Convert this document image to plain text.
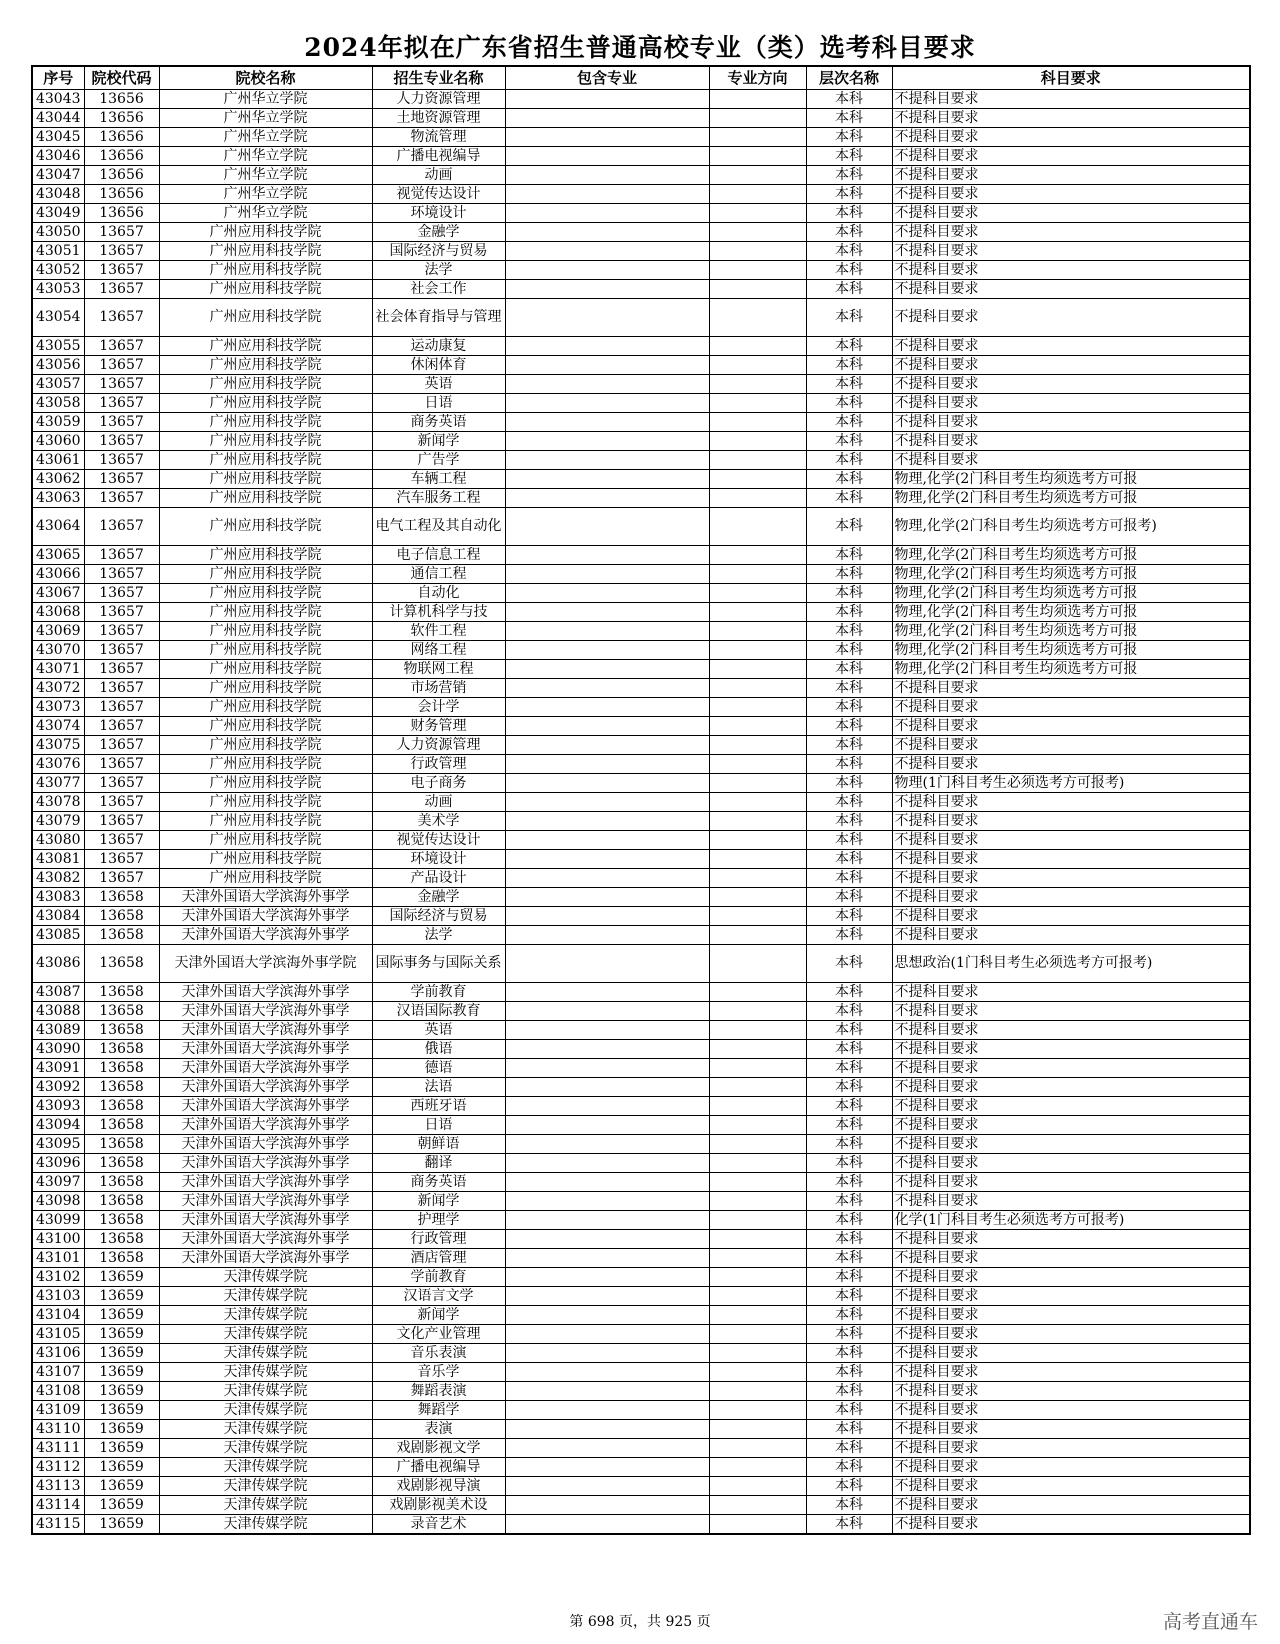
2024年拟在广东省招生普通高校专业（类）选考科目要求
序号	院校代码	院校名称	招生专业名称	包含专业	专业方向	层次名称	科目要求
43043	13656	广州华立学院	人力资源管理			本科	不提科目要求
43044	13656	广州华立学院	土地资源管理			本科	不提科目要求
43045	13656	广州华立学院	物流管理			本科	不提科目要求
43046	13656	广州华立学院	广播电视编导			本科	不提科目要求
43047	13656	广州华立学院	动画			本科	不提科目要求
43048	13656	广州华立学院	视觉传达设计			本科	不提科目要求
43049	13656	广州华立学院	环境设计			本科	不提科目要求
43050	13657	广州应用科技学院	金融学			本科	不提科目要求
43051	13657	广州应用科技学院	国际经济与贸易			本科	不提科目要求
43052	13657	广州应用科技学院	法学			本科	不提科目要求
43053	13657	广州应用科技学院	社会工作			本科	不提科目要求
43054	13657	广州应用科技学院	社会体育指导与管理			本科	不提科目要求
43055	13657	广州应用科技学院	运动康复			本科	不提科目要求
43056	13657	广州应用科技学院	休闲体育			本科	不提科目要求
43057	13657	广州应用科技学院	英语			本科	不提科目要求
43058	13657	广州应用科技学院	日语			本科	不提科目要求
43059	13657	广州应用科技学院	商务英语			本科	不提科目要求
43060	13657	广州应用科技学院	新闻学			本科	不提科目要求
43061	13657	广州应用科技学院	广告学			本科	不提科目要求
43062	13657	广州应用科技学院	车辆工程			本科	物理,化学(2门科目考生均须选考方可报
43063	13657	广州应用科技学院	汽车服务工程			本科	物理,化学(2门科目考生均须选考方可报
43064	13657	广州应用科技学院	电气工程及其自动化			本科	物理,化学(2门科目考生均须选考方可报考)
43065	13657	广州应用科技学院	电子信息工程			本科	物理,化学(2门科目考生均须选考方可报
43066	13657	广州应用科技学院	通信工程			本科	物理,化学(2门科目考生均须选考方可报
43067	13657	广州应用科技学院	自动化			本科	物理,化学(2门科目考生均须选考方可报
43068	13657	广州应用科技学院	计算机科学与技			本科	物理,化学(2门科目考生均须选考方可报
43069	13657	广州应用科技学院	软件工程			本科	物理,化学(2门科目考生均须选考方可报
43070	13657	广州应用科技学院	网络工程			本科	物理,化学(2门科目考生均须选考方可报
43071	13657	广州应用科技学院	物联网工程			本科	物理,化学(2门科目考生均须选考方可报
43072	13657	广州应用科技学院	市场营销			本科	不提科目要求
43073	13657	广州应用科技学院	会计学			本科	不提科目要求
43074	13657	广州应用科技学院	财务管理			本科	不提科目要求
43075	13657	广州应用科技学院	人力资源管理			本科	不提科目要求
43076	13657	广州应用科技学院	行政管理			本科	不提科目要求
43077	13657	广州应用科技学院	电子商务			本科	物理(1门科目考生必须选考方可报考)
43078	13657	广州应用科技学院	动画			本科	不提科目要求
43079	13657	广州应用科技学院	美术学			本科	不提科目要求
43080	13657	广州应用科技学院	视觉传达设计			本科	不提科目要求
43081	13657	广州应用科技学院	环境设计			本科	不提科目要求
43082	13657	广州应用科技学院	产品设计			本科	不提科目要求
43083	13658	天津外国语大学滨海外事学	金融学			本科	不提科目要求
43084	13658	天津外国语大学滨海外事学	国际经济与贸易			本科	不提科目要求
43085	13658	天津外国语大学滨海外事学	法学			本科	不提科目要求
43086	13658	天津外国语大学滨海外事学院	国际事务与国际关系			本科	思想政治(1门科目考生必须选考方可报考)
43087	13658	天津外国语大学滨海外事学	学前教育			本科	不提科目要求
43088	13658	天津外国语大学滨海外事学	汉语国际教育			本科	不提科目要求
43089	13658	天津外国语大学滨海外事学	英语			本科	不提科目要求
43090	13658	天津外国语大学滨海外事学	俄语			本科	不提科目要求
43091	13658	天津外国语大学滨海外事学	德语			本科	不提科目要求
43092	13658	天津外国语大学滨海外事学	法语			本科	不提科目要求
43093	13658	天津外国语大学滨海外事学	西班牙语			本科	不提科目要求
43094	13658	天津外国语大学滨海外事学	日语			本科	不提科目要求
43095	13658	天津外国语大学滨海外事学	朝鲜语			本科	不提科目要求
43096	13658	天津外国语大学滨海外事学	翻译			本科	不提科目要求
43097	13658	天津外国语大学滨海外事学	商务英语			本科	不提科目要求
43098	13658	天津外国语大学滨海外事学	新闻学			本科	不提科目要求
43099	13658	天津外国语大学滨海外事学	护理学			本科	化学(1门科目考生必须选考方可报考)
43100	13658	天津外国语大学滨海外事学	行政管理			本科	不提科目要求
43101	13658	天津外国语大学滨海外事学	酒店管理			本科	不提科目要求
43102	13659	天津传媒学院	学前教育			本科	不提科目要求
43103	13659	天津传媒学院	汉语言文学			本科	不提科目要求
43104	13659	天津传媒学院	新闻学			本科	不提科目要求
43105	13659	天津传媒学院	文化产业管理			本科	不提科目要求
43106	13659	天津传媒学院	音乐表演			本科	不提科目要求
43107	13659	天津传媒学院	音乐学			本科	不提科目要求
43108	13659	天津传媒学院	舞蹈表演			本科	不提科目要求
43109	13659	天津传媒学院	舞蹈学			本科	不提科目要求
43110	13659	天津传媒学院	表演			本科	不提科目要求
43111	13659	天津传媒学院	戏剧影视文学			本科	不提科目要求
43112	13659	天津传媒学院	广播电视编导			本科	不提科目要求
43113	13659	天津传媒学院	戏剧影视导演			本科	不提科目要求
43114	13659	天津传媒学院	戏剧影视美术设			本科	不提科目要求
43115	13659	天津传媒学院	录音艺术			本科	不提科目要求
第 698 页，共 925 页	高考直通车
